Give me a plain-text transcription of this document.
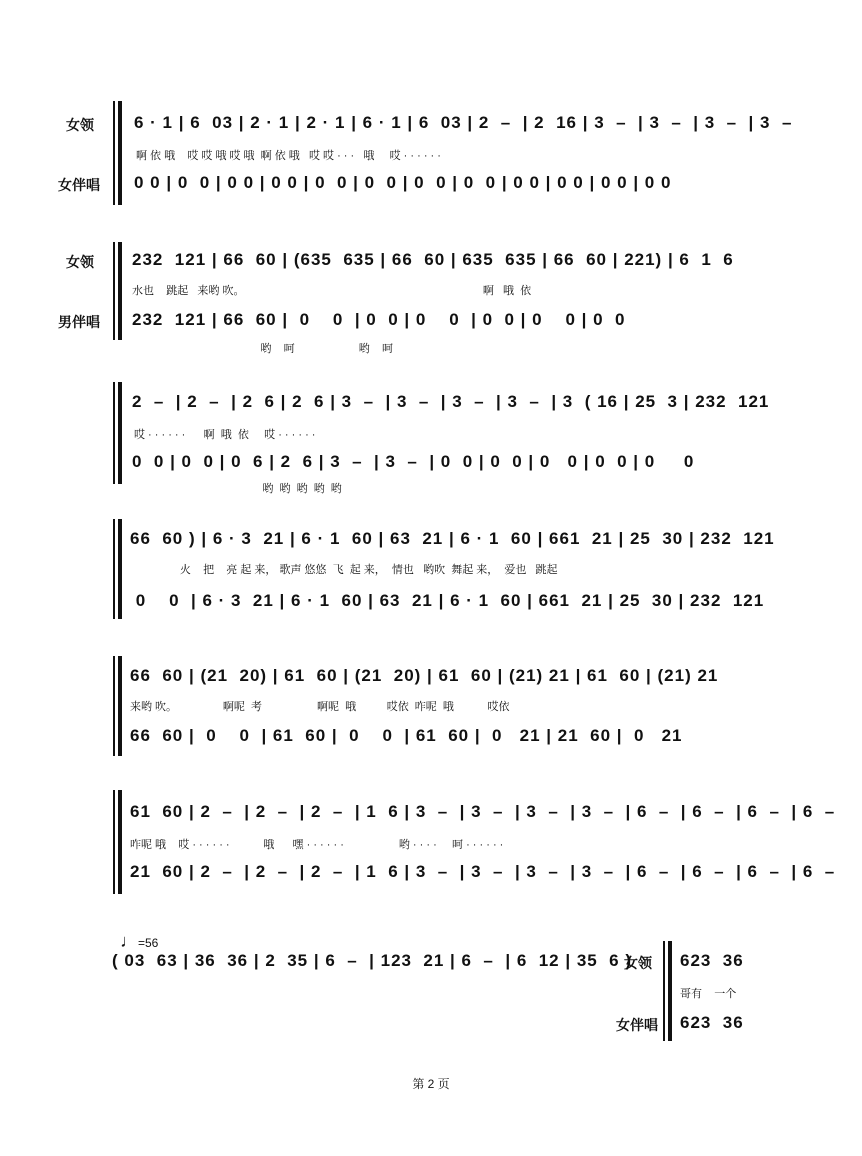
女领
女伴唱
6 · 1 | 6  03 | 2 · 1 | 2 · 1 | 6 · 1 | 6  03 | 2  –  | 2  16 | 3  –  | 3  –  | 3  –  | 3  –
啊 依 哦    哎 哎 哦 哎 哦  啊 依 哦   哎 哎 · · ·   哦     哎 · · · · · ·
0 0 | 0  0 | 0 0 | 0 0 | 0  0 | 0  0 | 0  0 | 0  0 | 0 0 | 0 0 | 0 0 | 0 0
女领
男伴唱
232  121 | 66  60 | (635  635 | 66  60 | 635  635 | 66  60 | 221) | 6  1  6
水也    跳起   来哟 吹。                                                                              啊   哦  依
232  121 | 66  60 |  0    0  | 0  0 | 0    0  | 0  0 | 0    0 | 0  0
哟    呵                     哟    呵
2  –  | 2  –  | 2  6 | 2  6 | 3  –  | 3  –  | 3  –  | 3  –  | 3  ( 16 | 25  3 | 232  121
哎 · · · · · ·      啊  哦  依     哎 · · · · · ·
0  0 | 0  0 | 0  6 | 2  6 | 3  –  | 3  –  | 0  0 | 0  0 | 0   0 | 0  0 | 0     0
哟  哟  哟  哟  哟
66  60 ) | 6 · 3  21 | 6 · 1  60 | 63  21 | 6 · 1  60 | 661  21 | 25  30 | 232  121
火    把    亮 起 来， 歌声 悠悠  飞  起 来，  情也   哟吹  舞起 来，  爱也   跳起
0    0  | 6 · 3  21 | 6 · 1  60 | 63  21 | 6 · 1  60 | 661  21 | 25  30 | 232  121
66  60 | (21  20) | 61  60 | (21  20) | 61  60 | (21) 21 | 61  60 | (21) 21
来哟 吹。               啊呢  考                  啊呢  哦          哎依  咋呢  哦           哎依
66  60 |  0    0  | 61  60 |  0    0  | 61  60 |  0   21 | 21  60 |  0   21
61  60 | 2  –  | 2  –  | 2  –  | 1  6 | 3  –  | 3  –  | 3  –  | 3  –  | 6  –  | 6  –  | 6  –  | 6  –
咋呢 哦    哎 · · · · · ·           哦      嘿 · · · · · ·                  哟 · · · ·     呵 · · · · · ·
21  60 | 2  –  | 2  –  | 2  –  | 1  6 | 3  –  | 3  –  | 3  –  | 3  –  | 6  –  | 6  –  | 6  –  | 6  –
♩=56
( 03  63 | 36  36 | 2  35 | 6  –  | 123  21 | 6  –  | 6  12 | 35  6 )
女领 623  36
哥有    一个
女伴唱 623  36
第 2 页
